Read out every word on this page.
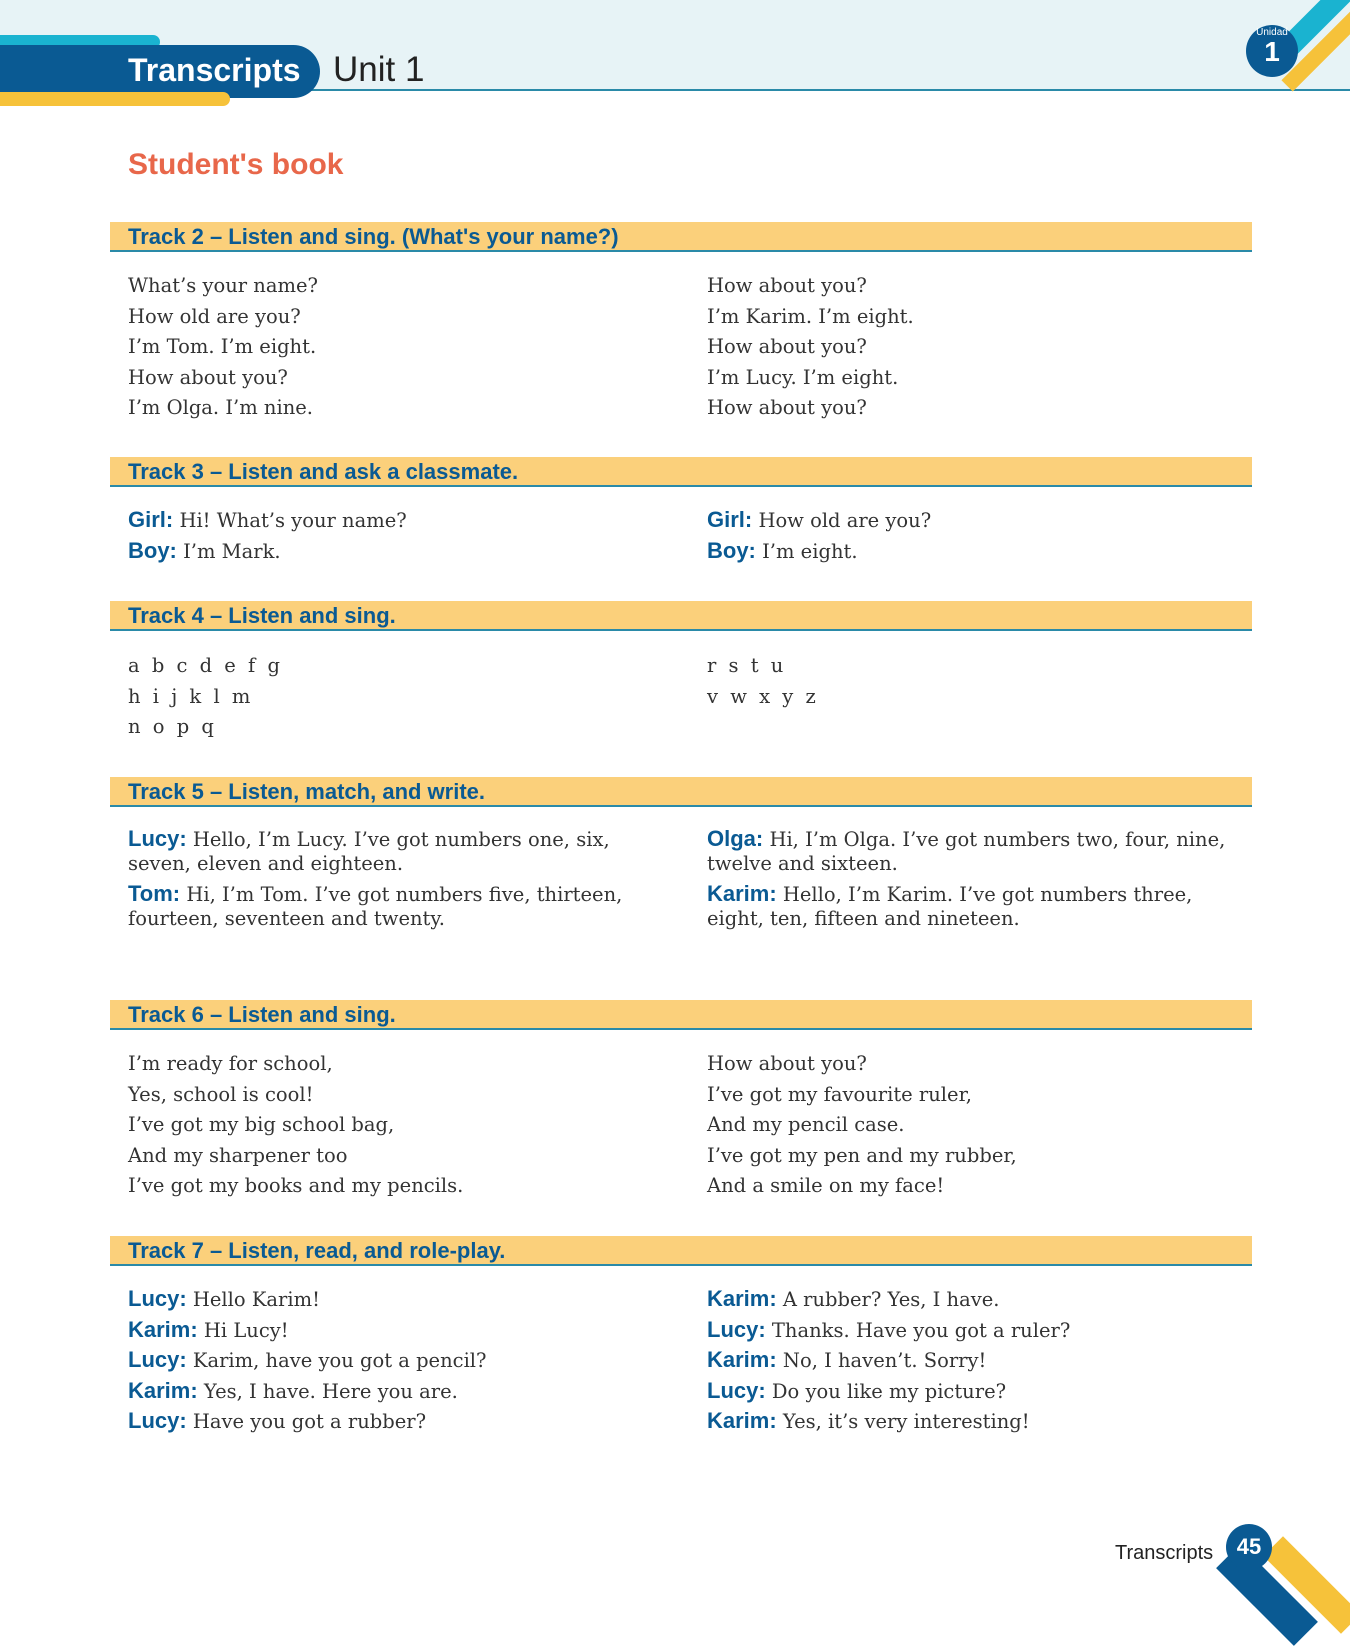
Transcripts Unit 1
Unidad
1
Student's book
Track 2 – Listen and sing. (What's your name?)
What’s your name?
How old are you?
I’m Tom. I’m eight.
How about you?
I’m Olga. I’m nine.
How about you?
I’m Karim. I’m eight.
How about you?
I’m Lucy. I’m eight.
How about you?
Track 3 – Listen and ask a classmate.
Girl: Hi! What’s your name?
Boy: I’m Mark.
Girl: How old are you?
Boy: I’m eight.
Track 4 – Listen and sing.
a b c d e f g
h i j k l m
n o p q
r s t u
v w x y z
Track 5 – Listen, match, and write.
Lucy: Hello, I’m Lucy. I’ve got numbers one, six, seven, eleven and eighteen.
Tom: Hi, I’m Tom. I’ve got numbers five, thirteen, fourteen, seventeen and twenty.
Olga: Hi, I’m Olga. I’ve got numbers two, four, nine, twelve and sixteen.
Karim: Hello, I’m Karim. I’ve got numbers three, eight, ten, fifteen and nineteen.
Track 6 – Listen and sing.
I’m ready for school,
Yes, school is cool!
I’ve got my big school bag,
And my sharpener too
I’ve got my books and my pencils.
How about you?
I’ve got my favourite ruler,
And my pencil case.
I’ve got my pen and my rubber,
And a smile on my face!
Track 7 – Listen, read, and role-play.
Lucy: Hello Karim!
Karim: Hi Lucy!
Lucy: Karim, have you got a pencil?
Karim: Yes, I have. Here you are.
Lucy: Have you got a rubber?
Karim: A rubber? Yes, I have.
Lucy: Thanks. Have you got a ruler?
Karim: No, I haven’t. Sorry!
Lucy: Do you like my picture?
Karim: Yes, it’s very interesting!
Transcripts	45
